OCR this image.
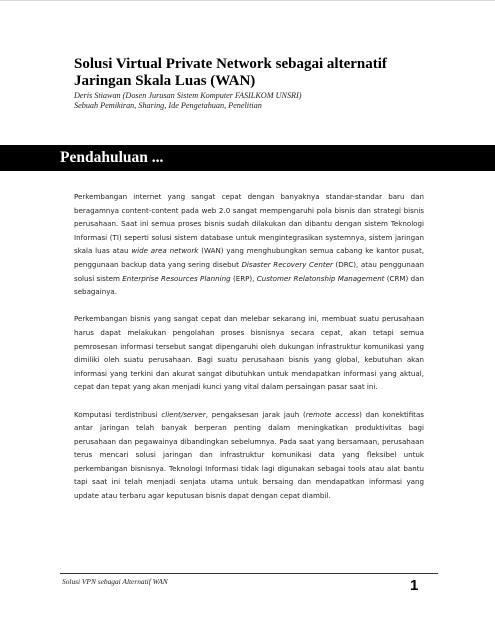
Solusi Virtual Private Network sebagai alternatif Jaringan Skala Luas (WAN)
Deris Stiawan (Dosen Jurusan Sistem Komputer FASILKOM UNSRI)
Sebuah Pemikiran, Sharing, Ide Pengetahuan, Penelitian
Pendahuluan ...

Perkembangan internet yang sangat cepat dengan banyaknya standar-standar baru dan beragamnya content-content pada web 2.0 sangat mempengaruhi pola bisnis dan strategi bisnis perusahaan. Saat ini semua proses bisnis sudah dilakukan dan dibantu dengan sistem Teknologi Informasi (TI) seperti solusi sistem database untuk mengintegrasikan systemnya, sistem jaringan skala luas atau wide area network (WAN) yang menghubungkan semua cabang ke kantor pusat, penggunaan backup data yang sering disebut Disaster Recovery Center (DRC), atau penggunaan solusi sistem Enterprise Resources Planning (ERP), Customer Relatonship Management (CRM) dan sebagainya.

Perkembangan bisnis yang sangat cepat dan melebar sekarang ini, membuat suatu perusahaan harus dapat melakukan pengolahan proses bisnisnya secara cepat, akan tetapi semua pemrosesan informasi tersebut sangat dipengaruhi oleh dukungan infrastruktur komunikasi yang dimiliki oleh suatu perusahaan. Bagi suatu perusahaan bisnis yang global, kebutuhan akan informasi yang terkini dan akurat sangat dibutuhkan untuk mendapatkan informasi yang aktual, cepat dan tepat yang akan menjadi kunci yang vital dalam persaingan pasar saat ini.

Komputasi terdistribusi client/server, pengaksesan jarak jauh (remote access) dan konektifitas antar jaringan telah banyak berperan penting dalam meningkatkan produktivitas bagi perusahaan dan pegawainya dibandingkan sebelumnya. Pada saat yang bersamaan, perusahaan terus mencari solusi jaringan dan infrastruktur komunikasi data yang fleksibel untuk perkembangan bisnisnya. Teknologi Informasi tidak lagi digunakan sebagai tools atau alat bantu tapi saat ini telah menjadi senjata utama untuk bersaing dan mendapatkan informasi yang update atau terbaru agar keputusan bisnis dapat dengan cepat diambil.

Solusi VPN sebagai Alternatif WAN	1
